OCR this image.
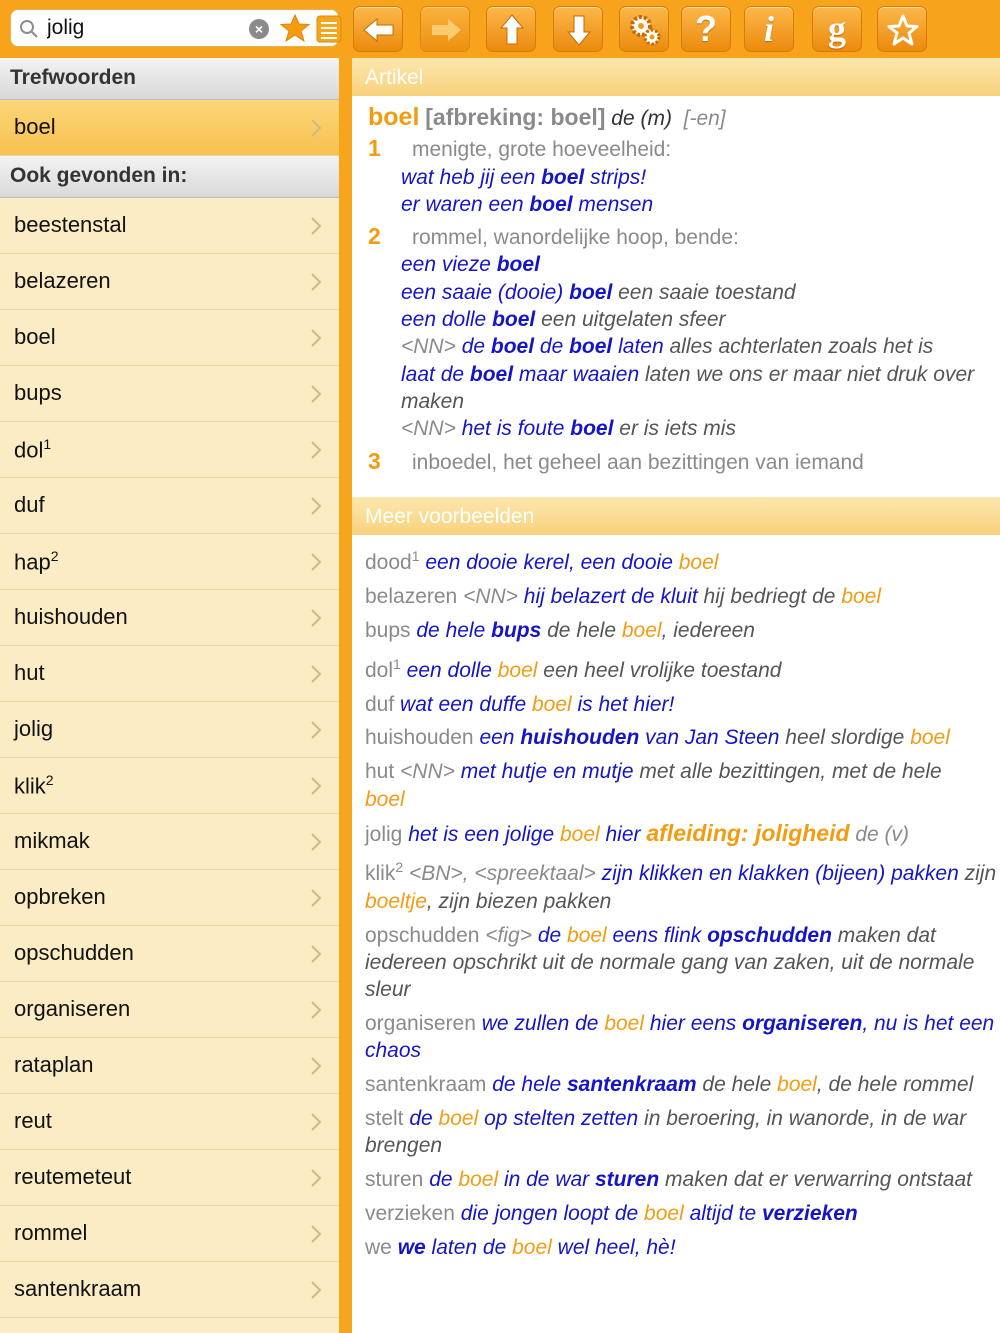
jolig
×	?	i	g
Trefwoorden
boel
Ook gevonden in:
beestenstal
belazeren
boel
bups
dol$^1$
duf
hap$^2$
huishouden
hut
jolig
klik$^2$
mikmak
opbreken
opschudden
organiseren
rataplan
reut
reutemeteut
rommel
santenkraam
Artikel
boel [afbreking: boel] de (m) [-en]
1 menigte, grote hoeveelheid:
wat heb jij een boel strips!
er waren een boel mensen
2 rommel, wanordelijke hoop, bende:
een vieze boel
een saaie (dooie) boel een saaie toestand
een dolle boel een uitgelaten sfeer
<NN> de boel de boel laten alles achterlaten zoals het is
laat de boel maar waaien laten we ons er maar niet druk over maken
<NN> het is foute boel er is iets mis
3 inboedel, het geheel aan bezittingen van iemand
Meer voorbeelden
dood$^1$ een dooie kerel, een dooie boel
belazeren <NN> hij belazert de kluit hij bedriegt de boel
bups de hele bups de hele boel, iedereen
dol$^1$ een dolle boel een heel vrolijke toestand
duf wat een duffe boel is het hier!
huishouden een huishouden van Jan Steen heel slordige boel
hut <NN> met hutje en mutje met alle bezittingen, met de hele boel
jolig het is een jolige boel hier afleiding: joligheid de (v)
klik$^2$ <BN>, <spreektaal> zijn klikken en klakken (bijeen) pakken zijn boeltje, zijn biezen pakken
opschudden <fig> de boel eens flink opschudden maken dat iedereen opschrikt uit de normale gang van zaken, uit de normale sleur
organiseren we zullen de boel hier eens organiseren, nu is het een chaos
santenkraam de hele santenkraam de hele boel, de hele rommel
stelt de boel op stelten zetten in beroering, in wanorde, in de war brengen
sturen de boel in de war sturen maken dat er verwarring ontstaat
verzieken die jongen loopt de boel altijd te verzieken
we we laten de boel wel heel, hè!
